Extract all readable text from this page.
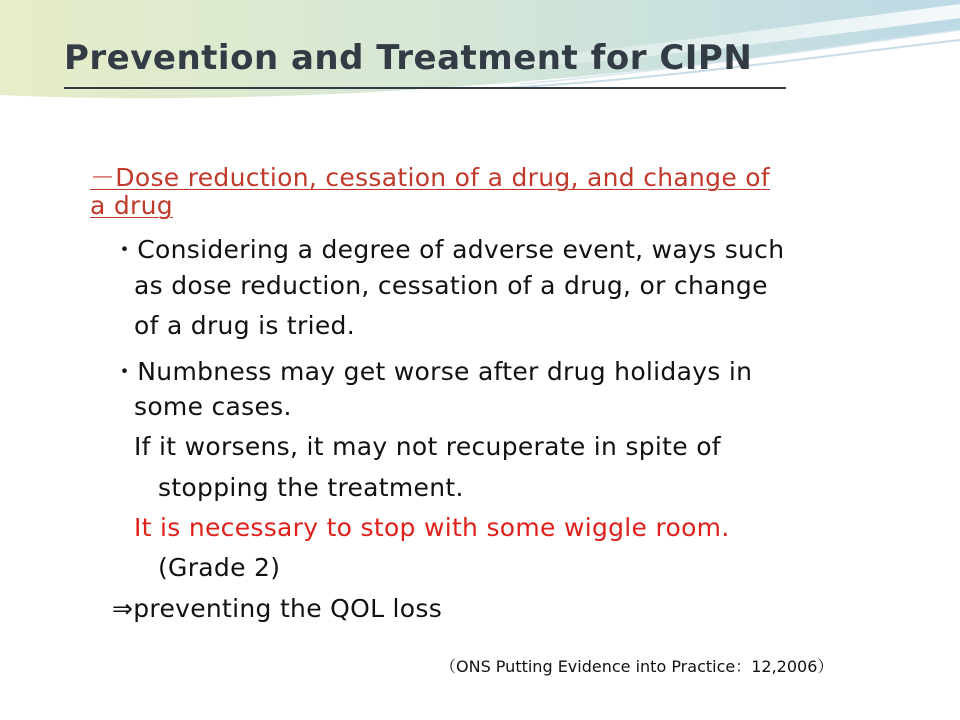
Prevention and Treatment for CIPN
－Dose reduction, cessation of a drug, and change of
a drug
・Considering a degree of adverse event, ways such
as dose reduction, cessation of a drug, or change
of a drug is tried.
・Numbness may get worse after drug holidays in
some cases.
If it worsens, it may not recuperate in spite of
stopping the treatment.
It is necessary to stop with some wiggle room.
(Grade 2)
⇒preventing the QOL loss
（ONS Putting Evidence into Practice：12,2006）
